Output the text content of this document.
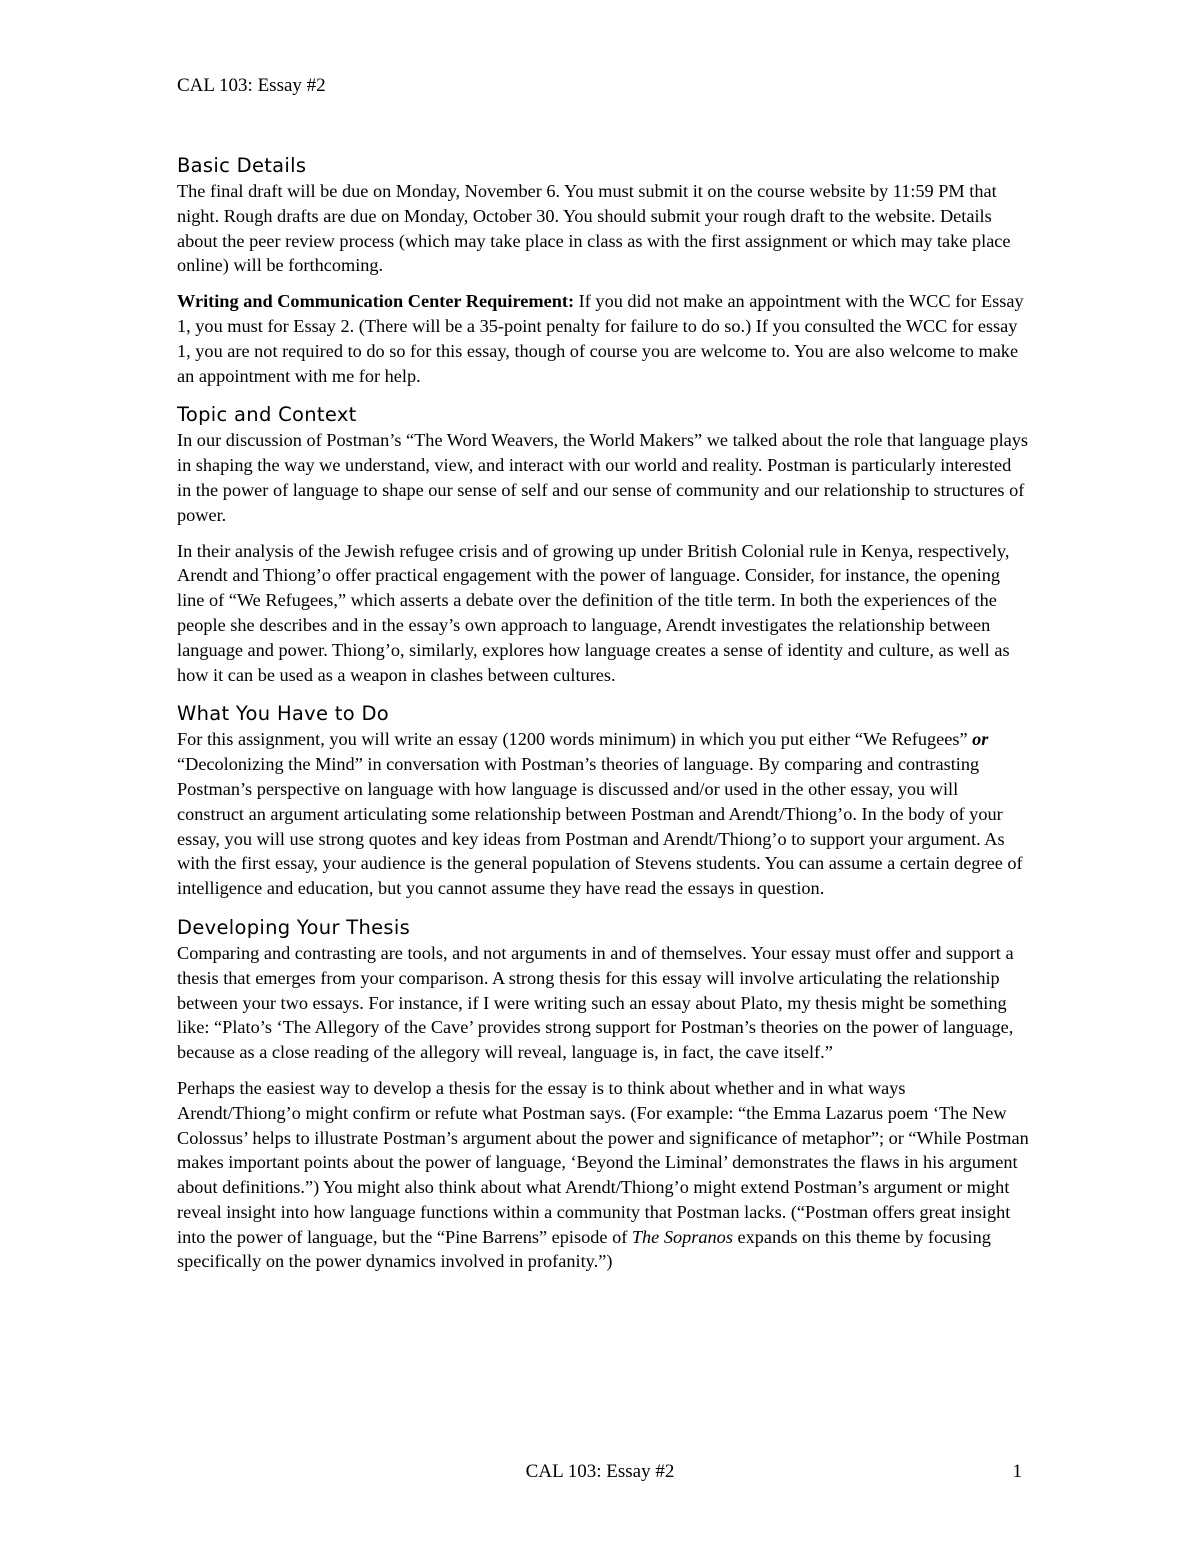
CAL 103: Essay #2
Basic Details

The final draft will be due on Monday, November 6. You must submit it on the course website by 11:59 PM that night. Rough drafts are due on Monday, October 30. You should submit your rough draft to the website. Details about the peer review process (which may take place in class as with the first assignment or which may take place online) will be forthcoming.

Writing and Communication Center Requirement: If you did not make an appointment with the WCC for Essay 1, you must for Essay 2. (There will be a 35-point penalty for failure to do so.) If you consulted the WCC for essay 1, you are not required to do so for this essay, though of course you are welcome to. You are also welcome to make an appointment with me for help.

Topic and Context

In our discussion of Postman’s “The Word Weavers, the World Makers” we talked about the role that language plays in shaping the way we understand, view, and interact with our world and reality. Postman is particularly interested in the power of language to shape our sense of self and our sense of community and our relationship to structures of power.

In their analysis of the Jewish refugee crisis and of growing up under British Colonial rule in Kenya, respectively, Arendt and Thiong’o offer practical engagement with the power of language. Consider, for instance, the opening line of “We Refugees,” which asserts a debate over the definition of the title term. In both the experiences of the people she describes and in the essay’s own approach to language, Arendt investigates the relationship between language and power. Thiong’o, similarly, explores how language creates a sense of identity and culture, as well as how it can be used as a weapon in clashes between cultures.

What You Have to Do

For this assignment, you will write an essay (1200 words minimum) in which you put either “We Refugees” or “Decolonizing the Mind” in conversation with Postman’s theories of language. By comparing and contrasting Postman’s perspective on language with how language is discussed and/or used in the other essay, you will construct an argument articulating some relationship between Postman and Arendt/Thiong’o. In the body of your essay, you will use strong quotes and key ideas from Postman and Arendt/Thiong’o to support your argument. As with the first essay, your audience is the general population of Stevens students. You can assume a certain degree of intelligence and education, but you cannot assume they have read the essays in question.

Developing Your Thesis

Comparing and contrasting are tools, and not arguments in and of themselves. Your essay must offer and support a thesis that emerges from your comparison. A strong thesis for this essay will involve articulating the relationship between your two essays. For instance, if I were writing such an essay about Plato, my thesis might be something like: “Plato’s ‘The Allegory of the Cave’ provides strong support for Postman’s theories on the power of language, because as a close reading of the allegory will reveal, language is, in fact, the cave itself.”

Perhaps the easiest way to develop a thesis for the essay is to think about whether and in what ways Arendt/Thiong’o might confirm or refute what Postman says. (For example: “the Emma Lazarus poem ‘The New Colossus’ helps to illustrate Postman’s argument about the power and significance of metaphor”; or “While Postman makes important points about the power of language, ‘Beyond the Liminal’ demonstrates the flaws in his argument about definitions.”) You might also think about what Arendt/Thiong’o might extend Postman’s argument or might reveal insight into how language functions within a community that Postman lacks. (“Postman offers great insight into the power of language, but the “Pine Barrens” episode of The Sopranos expands on this theme by focusing specifically on the power dynamics involved in profanity.”)

CAL 103: Essay #2	1
